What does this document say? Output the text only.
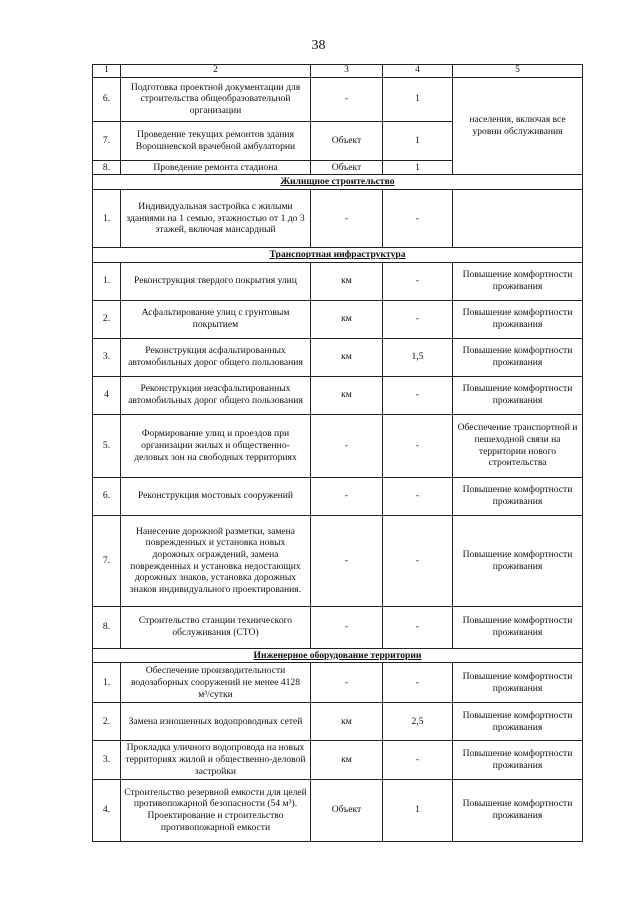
38
1	2	3	4	5
6.	Подготовка проектной документации для строительства общеобразовательной организации	-	1	населения, включая все уровни обслуживания
7.	Проведение текущих ремонтов здания Ворошневской врачебной амбулатории	Объект	1	
8.	Проведение ремонта стадиона	Объект	1	
Жилищное строительство				
1.	Индивидуальная застройка с жилыми зданиями на 1 семью, этажностью от 1 до 3 этажей, включая мансардный	-	-	
Транспортная инфраструктура				
1.	Реконструкция твердого покрытия улиц	км	-	Повышение комфортности проживания
2.	Асфальтирование улиц с грунтовым покрытием	км	-	Повышение комфортности проживания
3.	Реконструкция асфальтированных автомобильных дорог общего пользования	км	1,5	Повышение комфортности проживания
4	Реконструкция неасфальтированных автомобильных дорог общего пользования	км	-	Повышение комфортности проживания
5.	Формирование улиц и проездов при организации жилых и общественно-деловых зон на свободных территориях	-	-	Обеспечение транспортной и пешеходной связи на территории нового строительства
6.	Реконструкция мостовых сооружений	-	-	Повышение комфортности проживания
7.	Нанесение дорожной разметки, замена поврежденных и установка новых дорожных ограждений, замена поврежденных и установка недостающих дорожных знаков, установка дорожных знаков индивидуального проектирования.	-	-	Повышение комфортности проживания
8.	Строительство станции технического обслуживания (СТО)	-	-	Повышение комфортности проживания
Инженерное оборудование территории				
1.	Обеспечение производительности водозаборных сооружений не менее 4128 м³/сутки	-	-	Повышение комфортности проживания
2.	Замена изношенных водопроводных сетей	км	2,5	Повышение комфортности проживания
3.	Прокладка уличного водопровода на новых территориях жилой и общественно-деловой застройки	км	-	Повышение комфортности проживания
4.	Строительство резервной емкости для целей противопожарной безопасности (54 м³). Проектирование и строительство противопожарной емкости	Объект	1	Повышение комфортности проживания
